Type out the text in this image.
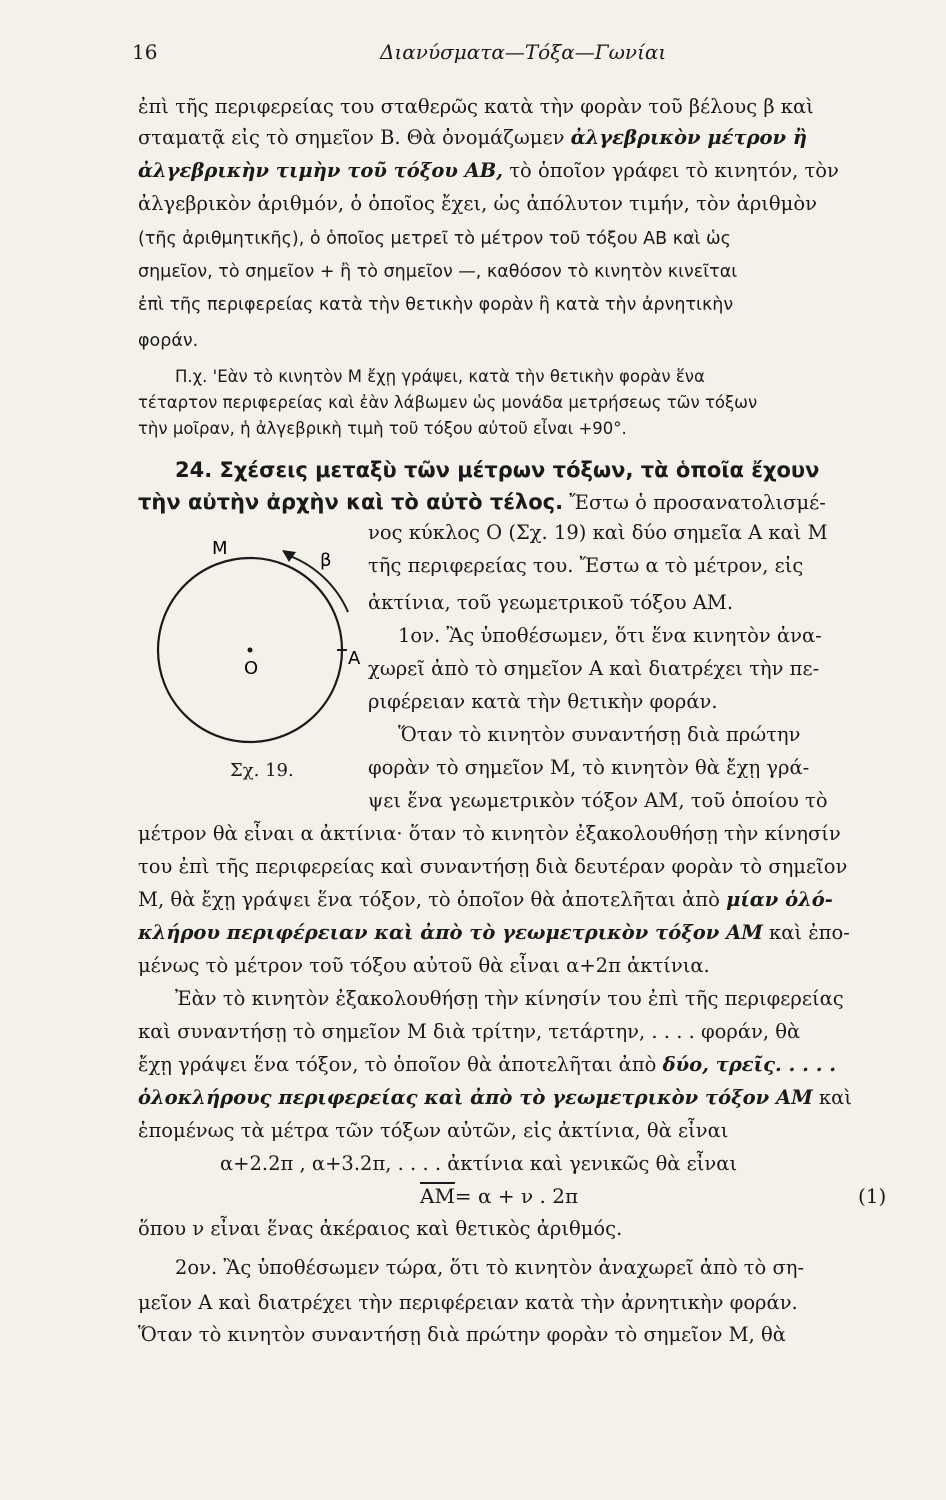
16	Διανύσματα—Τόξα—Γωνίαι
ἐπὶ τῆς περιφερείας του σταθερῶς κατὰ τὴν φορὰν τοῦ βέλους β καὶ
σταματᾷ εἰς τὸ σημεῖον Β. Θὰ ὀνομάζωμεν ἀλγεβρικὸν μέτρον ἢ
ἀλγεβρικὴν τιμὴν τοῦ τόξου ΑΒ, τὸ ὁποῖον γράφει τὸ κινητόν, τὸν
ἀλγεβρικὸν ἀριθμόν, ὁ ὁποῖος ἔχει, ὡς ἀπόλυτον τιμήν, τὸν ἀριθμὸν
(τῆς ἀριθμητικῆς), ὁ ὁποῖος μετρεῖ τὸ μέτρον τοῦ τόξου ΑΒ καὶ ὡς
σημεῖον, τὸ σημεῖον + ἢ τὸ σημεῖον —, καθόσον τὸ κινητὸν κινεῖται
ἐπὶ τῆς περιφερείας κατὰ τὴν θετικὴν φορὰν ἢ κατὰ τὴν ἀρνητικὴν
φοράν.
Π.χ. 'Εὰν τὸ κινητὸν Μ ἔχῃ γράψει, κατὰ τὴν θετικὴν φορὰν ἕνα
τέταρτον περιφερείας καὶ ἐὰν λάβωμεν ὡς μονάδα μετρήσεως τῶν τόξων
τὴν μοῖραν, ἡ ἀλγεβρικὴ τιμὴ τοῦ τόξου αὐτοῦ εἶναι +90°.
24. Σχέσεις μεταξὺ τῶν μέτρων τόξων, τὰ ὁποῖα ἔχουν
τὴν αὐτὴν ἀρχὴν καὶ τὸ αὐτὸ τέλος. Ἔστω ὁ προσανατολισμέ-
νος κύκλος Ο (Σχ. 19) καὶ δύο σημεῖα Α καὶ Μ
τῆς περιφερείας του. Ἔστω α τὸ μέτρον, εἰς
ἀκτίνια, τοῦ γεωμετρικοῦ τόξου ΑΜ.
1ον. Ἂς ὑποθέσωμεν, ὅτι ἕνα κινητὸν ἀνα-
χωρεῖ ἀπὸ τὸ σημεῖον Α καὶ διατρέχει τὴν πε-
ριφέρειαν κατὰ τὴν θετικὴν φοράν.
Ὅταν τὸ κινητὸν συναντήσῃ διὰ πρώτην
φορὰν τὸ σημεῖον Μ, τὸ κινητὸν θὰ ἔχῃ γρά-
ψει ἕνα γεωμετρικὸν τόξον ΑΜ, τοῦ ὁποίου τὸ
Μ
β
Ο	Α
Σχ. 19.
μέτρον θὰ εἶναι α ἀκτίνια· ὅταν τὸ κινητὸν ἐξακολουθήσῃ τὴν κίνησίν
του ἐπὶ τῆς περιφερείας καὶ συναντήσῃ διὰ δευτέραν φορὰν τὸ σημεῖον
Μ, θὰ ἔχῃ γράψει ἕνα τόξον, τὸ ὁποῖον θὰ ἀποτελῆται ἀπὸ μίαν ὁλό-
κλήρου περιφέρειαν καὶ ἀπὸ τὸ γεωμετρικὸν τόξον ΑΜ καὶ ἐπο-
μένως τὸ μέτρον τοῦ τόξου αὐτοῦ θὰ εἶναι α+2π ἀκτίνια.
Ἐὰν τὸ κινητὸν ἐξακολουθήσῃ τὴν κίνησίν του ἐπὶ τῆς περιφερείας
καὶ συναντήσῃ τὸ σημεῖον Μ διὰ τρίτην, τετάρτην, . . . . φοράν, θὰ
ἔχῃ γράψει ἕνα τόξον, τὸ ὁποῖον θὰ ἀποτελῆται ἀπὸ δύο, τρεῖς. . . . .
ὁλοκλήρους περιφερείας καὶ ἀπὸ τὸ γεωμετρικὸν τόξον ΑΜ καὶ
ἑπομένως τὰ μέτρα τῶν τόξων αὐτῶν, εἰς ἀκτίνια, θὰ εἶναι
α+2.2π , α+3.2π, . . . . ἀκτίνια καὶ γενικῶς θὰ εἶναι
$\overline{AM}= \alpha + \nu$ . 2π	(1)
ὅπου ν εἶναι ἕνας ἀκέραιος καὶ θετικὸς ἀριθμός.
2ον. Ἂς ὑποθέσωμεν τώρα, ὅτι τὸ κινητὸν ἀναχωρεῖ ἀπὸ τὸ ση-
μεῖον Α καὶ διατρέχει τὴν περιφέρειαν κατὰ τὴν ἀρνητικὴν φοράν.
Ὅταν τὸ κινητὸν συναντήσῃ διὰ πρώτην φορὰν τὸ σημεῖον Μ, θὰ
